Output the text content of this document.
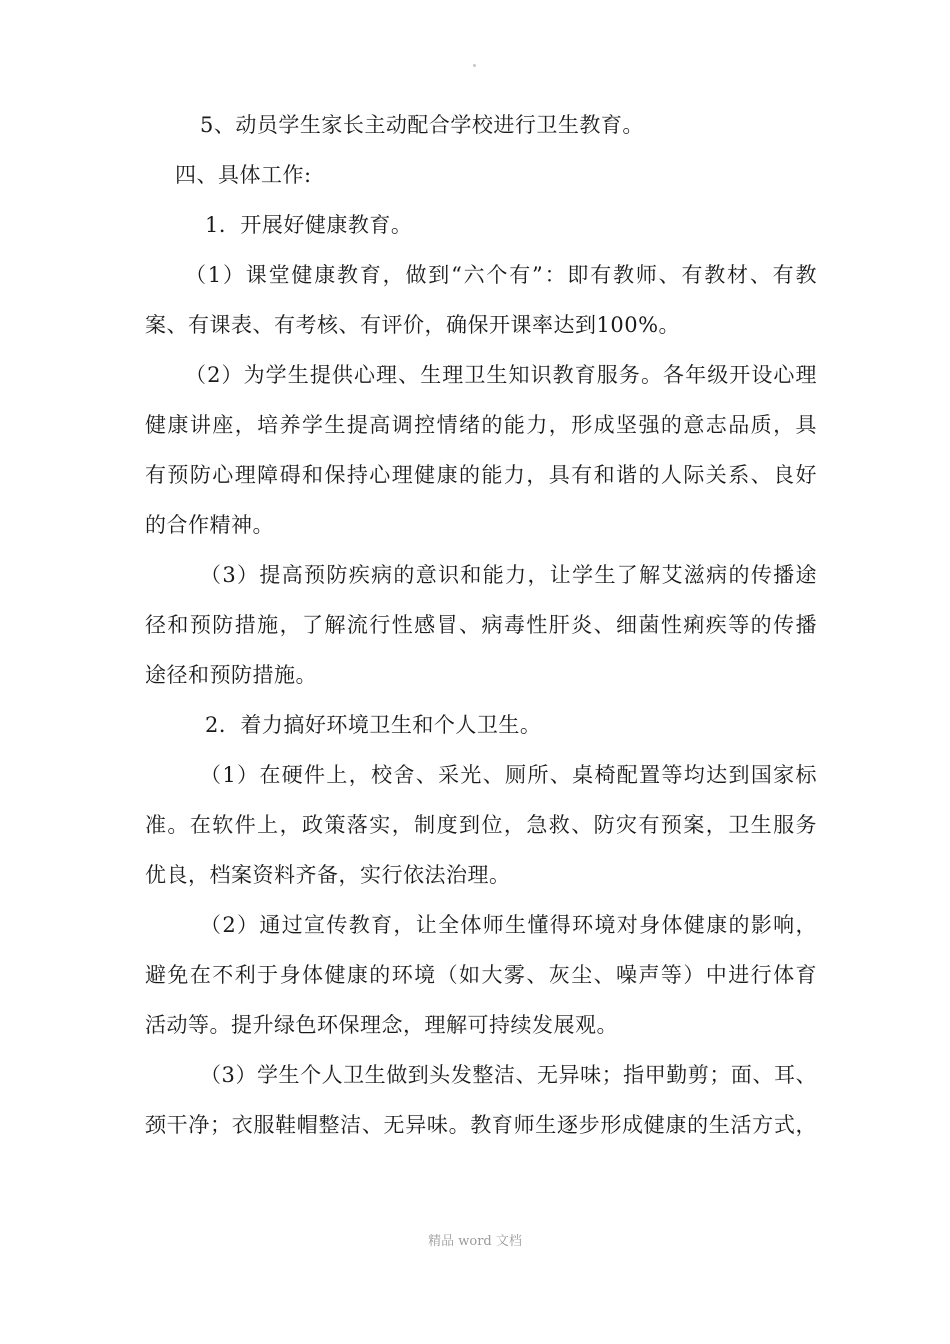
5、动员学生家长主动配合学校进行卫生教育。
四、具体工作:
1．开展好健康教育。
（1）课堂健康教育，做到“六个有”：即有教师、有教材、有教
案、有课表、有考核、有评价，确保开课率达到100%。
（2）为学生提供心理、生理卫生知识教育服务。各年级开设心理
健康讲座，培养学生提高调控情绪的能力，形成坚强的意志品质，具
有预防心理障碍和保持心理健康的能力，具有和谐的人际关系、良好
的合作精神。
（3）提高预防疾病的意识和能力，让学生了解艾滋病的传播途
径和预防措施，了解流行性感冒、病毒性肝炎、细菌性痢疾等的传播
途径和预防措施。
2．着力搞好环境卫生和个人卫生。
（1）在硬件上，校舍、采光、厕所、桌椅配置等均达到国家标
准。在软件上，政策落实，制度到位，急救、防灾有预案，卫生服务
优良，档案资料齐备，实行依法治理。
（2）通过宣传教育，让全体师生懂得环境对身体健康的影响，
避免在不利于身体健康的环境（如大雾、灰尘、噪声等）中进行体育
活动等。提升绿色环保理念，理解可持续发展观。
（3）学生个人卫生做到头发整洁、无异味；指甲勤剪；面、耳、
颈干净；衣服鞋帽整洁、无异味。教育师生逐步形成健康的生活方式，
精品 word 文档
